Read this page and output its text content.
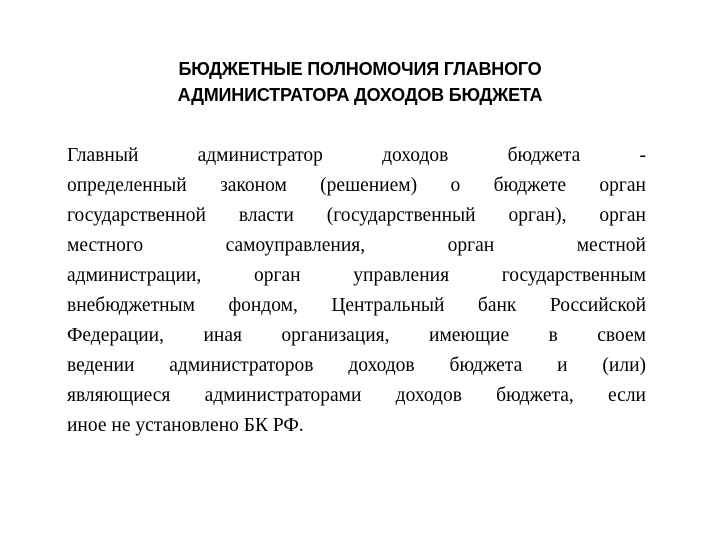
БЮДЖЕТНЫЕ ПОЛНОМОЧИЯ ГЛАВНОГО
АДМИНИСТРАТОРА ДОХОДОВ БЮДЖЕТА
Главный администратор доходов бюджета -
определенный законом (решением) о бюджете орган
государственной власти (государственный орган), орган
местного самоуправления, орган местной
администрации, орган управления государственным
внебюджетным фондом, Центральный банк Российской
Федерации, иная организация, имеющие в своем
ведении администраторов доходов бюджета и (или)
являющиеся администраторами доходов бюджета, если
иное не установлено БК РФ.
